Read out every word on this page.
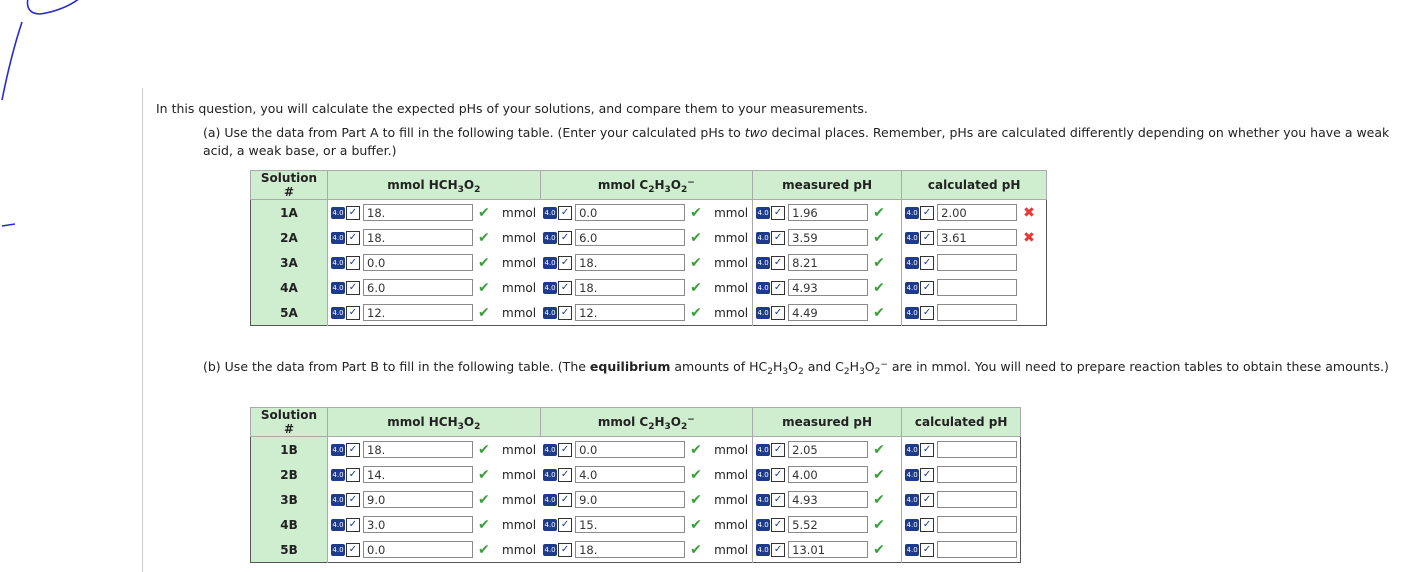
In this question, you will calculate the expected pHs of your solutions, and compare them to your measurements.
(a) Use the data from Part A to fill in the following table. (Enter your calculated pHs to two decimal places. Remember, pHs are calculated differently depending on whether you have a weak acid, a weak base, or a buffer.)
Solution #	mmol $HCH_3O_2$	mmol $C_2H_3O_2^-$	measured pH	calculated pH
1A	4.0 ✓ 18. ✔ mmol	4.0 ✓ 0.0 ✔ mmol	4.0 ✓ 1.96 ✔	4.0 ✓ 2.00 ✖

2A	4.0 ✓ 18. ✔ mmol	4.0 ✓ 6.0 ✔ mmol	4.0 ✓ 3.59 ✔	4.0 ✓ 3.61 ✖

3A	4.0 ✓ 0.0 ✔ mmol	4.0 ✓ 18. ✔ mmol	4.0 ✓ 8.21 ✔	4.0 ✓

4A	4.0 ✓ 6.0 ✔ mmol	4.0 ✓ 18. ✔ mmol	4.0 ✓ 4.93 ✔	4.0 ✓

5A	4.0 ✓ 12. ✔ mmol	4.0 ✓ 12. ✔ mmol	4.0 ✓ 4.49 ✔	4.0 ✓
(b) Use the data from Part B to fill in the following table. (The equilibrium amounts of $HC_2H_3O_2$ and $C_2H_3O_2^-$ are in mmol. You will need to prepare reaction tables to obtain these amounts.)
Solution #	mmol $HCH_3O_2$	mmol $C_2H_3O_2^-$	measured pH	calculated pH
1B	4.0 ✓ 18. ✔ mmol	4.0 ✓ 0.0 ✔ mmol	4.0 ✓ 2.05 ✔	4.0 ✓

2B	4.0 ✓ 14. ✔ mmol	4.0 ✓ 4.0 ✔ mmol	4.0 ✓ 4.00 ✔	4.0 ✓

3B	4.0 ✓ 9.0 ✔ mmol	4.0 ✓ 9.0 ✔ mmol	4.0 ✓ 4.93 ✔	4.0 ✓

4B	4.0 ✓ 3.0 ✔ mmol	4.0 ✓ 15. ✔ mmol	4.0 ✓ 5.52 ✔	4.0 ✓

5B	4.0 ✓ 0.0 ✔ mmol	4.0 ✓ 18. ✔ mmol	4.0 ✓ 13.01 ✔	4.0 ✓
